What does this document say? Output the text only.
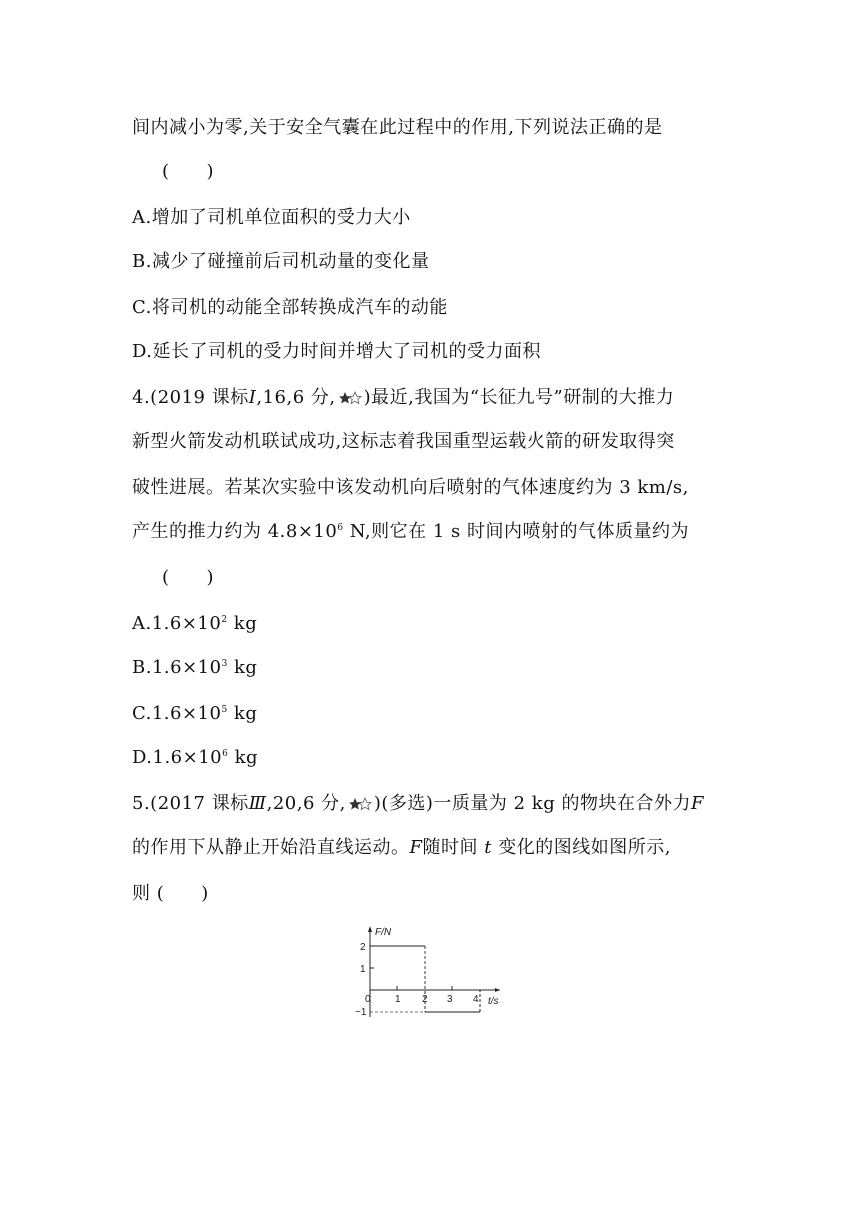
间内减小为零,关于安全气囊在此过程中的作用,下列说法正确的是
(　　)
A.增加了司机单位面积的受力大小
B.减少了碰撞前后司机动量的变化量
C.将司机的动能全部转换成汽车的动能
D.延长了司机的受力时间并增大了司机的受力面积
4.(2019 课标Ⅰ,16,6 分, )最近,我国为“长征九号”研制的大推力
新型火箭发动机联试成功,这标志着我国重型运载火箭的研发取得突
破性进展。若某次实验中该发动机向后喷射的气体速度约为 3 km/s,
产生的推力约为 $4.8\times 10^6$ N,则它在 1 s 时间内喷射的气体质量约为
(　　)
$A.1.6\times 10^2$ kg
$B.1.6\times 10^3$ kg
$C.1.6\times 10^5$ kg
$D.1.6\times 10^6$ kg
5.(2017 课标Ⅲ,20,6 分, )(多选)一质量为 2 kg 的物块在合外力F
的作用下从静止开始沿直线运动。F随时间 t 变化的图线如图所示,
则 (　　)
F/N
t/s
2
1
−1
0 1 2 3 4
